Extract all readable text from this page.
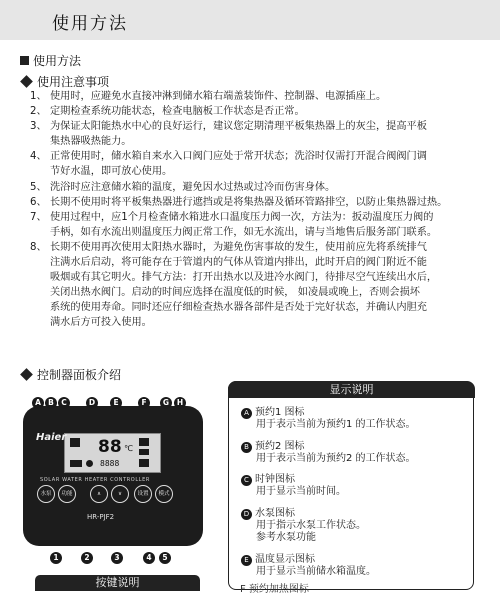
使用方法
使用方法
使用注意事项
1、 使用时，应避免水直接冲淋到储水箱右端盖装饰件、控制器、电源插座上。
2、 定期检查系统功能状态，检查电脑板工作状态是否正常。
3、 为保证太阳能热水中心的良好运行，建议您定期清理平板集热器上的灰尘，提高平板
集热器吸热能力。
4、 正常使用时，储水箱自来水入口阀门应处于常开状态；洗浴时仅需打开混合阀阀门调
节好水温，即可放心使用。
5、 洗浴时应注意储水箱的温度，避免因水过热或过冷而伤害身体。
6、 长期不使用时将平板集热器进行遮挡或是将集热器及循环管路排空，以防止集热器过热。
7、 使用过程中，应1个月检查储水箱进水口温度压力阀一次，方法为：扳动温度压力阀的
手柄，如有水流出则温度压力阀正常工作，如无水流出，请与当地售后服务部门联系。
8、 长期不使用再次使用太阳热水器时，为避免伤害事故的发生，使用前应先将系统排气
注满水后启动，将可能存在于管道内的气体从管道内排出，此时开启的阀门附近不能
吸烟或有其它明火。排气方法：打开出热水以及进冷水阀门，待排尽空气连续出水后，
关闭出热水阀门。启动的时间应选择在温度低的时候， 如凌晨或晚上，否则会损坏
系统的使用寿命。同时还应仔细检查热水器各部件是否处于完好状态，并确认内胆充
满水后方可投入使用。
控制器面板介绍
Haier 88 ℃
8888
SOLAR WATER HEATER CONTROLLER
水泵	功能	∧	∨	设置	模式
HR-PJF2
A B C	D	E	F	G	H
1	2	3	4	5
显示说明
A 预约1 图标
用于表示当前为预约1 的工作状态。
B 预约2 图标
用于表示当前为预约2 的工作状态。
C 时钟图标
用于显示当前时间。
D 水泵图标
用于指示水泵工作状态。
参考水泵功能
E 温度显示图标
用于显示当前储水箱温度。
F 预约加热图标
按键说明
